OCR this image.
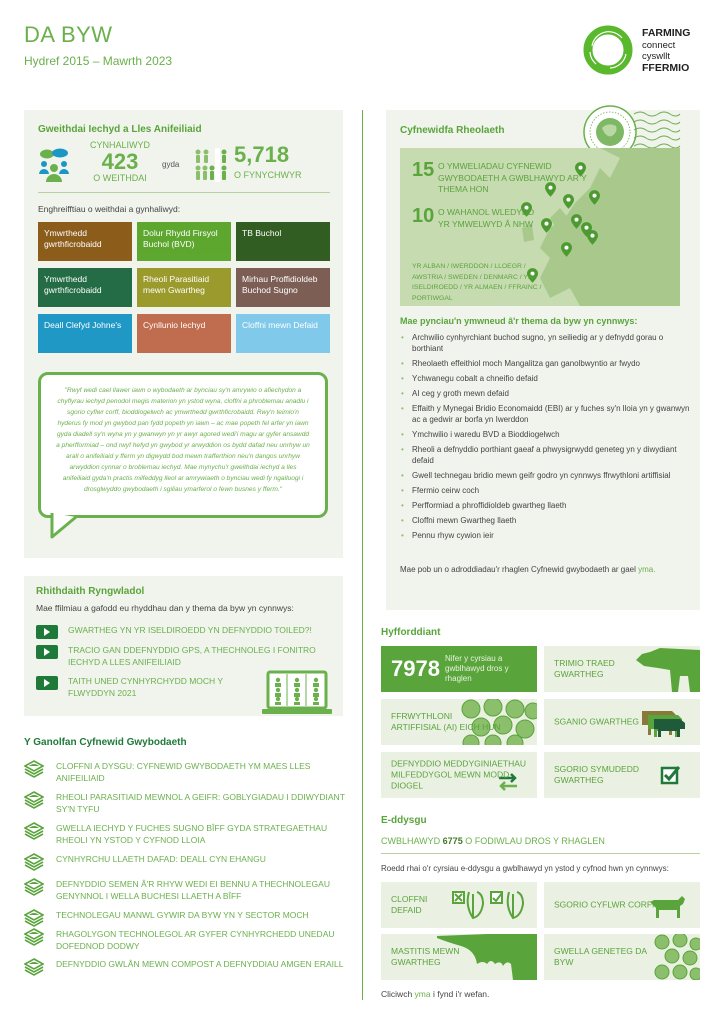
DA BYW
Hydref 2015 – Mawrth 2023
FARMING
connect
cyswllt
FFERMIO
Gweithdai Iechyd a Lles Anifeiliaid
CYNHALIWYD
423
O WEITHDAI
gyda 5,718
O FYNYCHWYR
Enghreifftiau o weithdai a gynhaliwyd:
Ymwrthedd gwrthficrobaidd
Dolur Rhydd Firsyol Buchol (BVD)
TB Buchol
Ymwrthedd gwrthficrobaidd
Rheoli Parasitiaid mewn Gwartheg
Mirhau Proffidioldeb Buchod Sugno
Deall Clefyd Johne's	Cynllunio Iechyd	Cloffni mewn Defaid
"Rwyf wedi cael llawer iawn o wybodaeth ar bynciau sy'n amrywio o afiechydon a chyflyrau iechyd penodol megis materion yn ystod wyna, cloffni a phroblemau anadlu i sgorio cyflwr corff, bioddiogelwch ac ymwrthedd gwrthficrobaidd. Rwy'n teimlo'n hyderus fy mod yn gwybod pan fydd popeth yn iawn – ac mae popeth fel arfer yn iawn gyda diadell sy'n wyna yn y gwanwyn yn yr awyr agored wedi'i magu ar gyfer ansawdd a pherfformiad – ond rwyf hefyd yn gwybod yr arwyddion os bydd dafad neu unrhyw un arall o anifeiliaid y fferm yn digwydd bod mewn trafferthion neu'n dangos unrhyw arwyddion cynnar o broblemau iechyd. Mae mynychu'r gweithdai iechyd a lles anifeiliaid gyda'n practis milfeddyg lleol ar amrywiaeth o bynciau wedi fy ngalluogi i drosglwyddo gwybodaeth i sgiliau ymarferol o fewn busnes y fferm."
Rhithdaith Ryngwladol
Mae ffilmiau a gafodd eu rhyddhau dan y thema da byw yn cynnwys:
GWARTHEG YN YR ISELDIROEDD YN DEFNYDDIO TOILED?!
TRACIO GAN DDEFNYDDIO GPS, A THECHNOLEG I FONITRO IECHYD A LLES ANIFEILIAID
TAITH UNED CYNHYRCHYDD MOCH Y FLWYDDYN 2021
Y Ganolfan Cyfnewid Gwybodaeth
CLOFFNI A DYSGU: CYFNEWID GWYBODAETH YM MAES LLES ANIFEILIAID
RHEOLI PARASITIAID MEWNOL A GEIFR: GOBLYGIADAU I DDIWYDIANT SY'N TYFU
GWELLA IECHYD Y FUCHES SUGNO BÎFF GYDA STRATEGAETHAU RHEOLI YN YSTOD Y CYFNOD LLOIA
CYNHYRCHU LLAETH DAFAD: DEALL CYN EHANGU
DEFNYDDIO SEMEN Â'R RHYW WEDI EI BENNU A THECHNOLEGAU GENYNNOL I WELLA BUCHESI LLAETH A BÎFF
TECHNOLEGAU MANWL GYWIR DA BYW YN Y SECTOR MOCH
RHAGOLYGON TECHNOLEGOL AR GYFER CYNHYRCHEDD UNEDAU DOFEDNOD DODWY
DEFNYDDIO GWLÂN MEWN COMPOST A DEFNYDDIAU AMGEN ERAILL
Cyfnewidfa Rheolaeth
15 O YMWELIADAU CYFNEWID GWYBODAETH A GWBLHAWYD AR Y THEMA HON
10 O WAHANOL WLEDYDD YR YMWELWYD Â NHW
YR ALBAN / IWERDDON / LLOEGR / AWSTRIA / SWEDEN / DENMARC / YR ISELDIROEDD / YR ALMAEN / FFRAINC / PORTIWGAL
Mae pynciau'n ymwneud â'r thema da byw yn cynnwys:
• Archwilio cynhyrchiant buchod sugno, yn seiliedig ar y defnydd gorau o borthiant
• Rheolaeth effeithiol moch Mangalitza gan ganolbwyntio ar fwydo
• Ychwanegu cobalt a chneifio defaid
• AI ceg y groth mewn defaid
• Effaith y Mynegai Bridio Economaidd (EBI) ar y fuches sy'n lloia yn y gwanwyn ac a gedwir ar borfa yn Iwerddon
• Ymchwilio i waredu BVD a Bioddiogelwch
• Rheoli a defnyddio porthiant gaeaf a phwysigrwydd geneteg yn y diwydiant defaid
• Gwell technegau bridio mewn geifr godro yn cynnwys ffrwythloni artiffisial
• Ffermio ceirw coch
• Perfformiad a phroffidioldeb gwartheg llaeth
• Cloffni mewn Gwartheg llaeth
• Pennu rhyw cywion ieir
Mae pob un o adroddiadau'r rhaglen Cyfnewid gwybodaeth ar gael yma.
Hyfforddiant
7978 Nifer y cyrsiau a gwblhawyd dros y rhaglen
TRIMIO TRAED GWARTHEG
FFRWYTHLONI ARTIFFISIAL (AI) EICH HUN
SGANIO GWARTHEG
DEFNYDDIO MEDDYGINIAETHAU MILFEDDYGOL MEWN MODD DIOGEL
SGORIO SYMUDEDD GWARTHEG
E-ddysgu
CWBLHAWYD 6775 O FODIWLAU DROS Y RHAGLEN
Roedd rhai o'r cyrsiau e-ddysgu a gwblhawyd yn ystod y cyfnod hwn yn cynnwys:
CLOFFNI DEFAID
SGORIO CYFLWR CORFF
MASTITIS MEWN GWARTHEG
GWELLA GENETEG DA BYW
Cliciwch yma i fynd i'r wefan.
